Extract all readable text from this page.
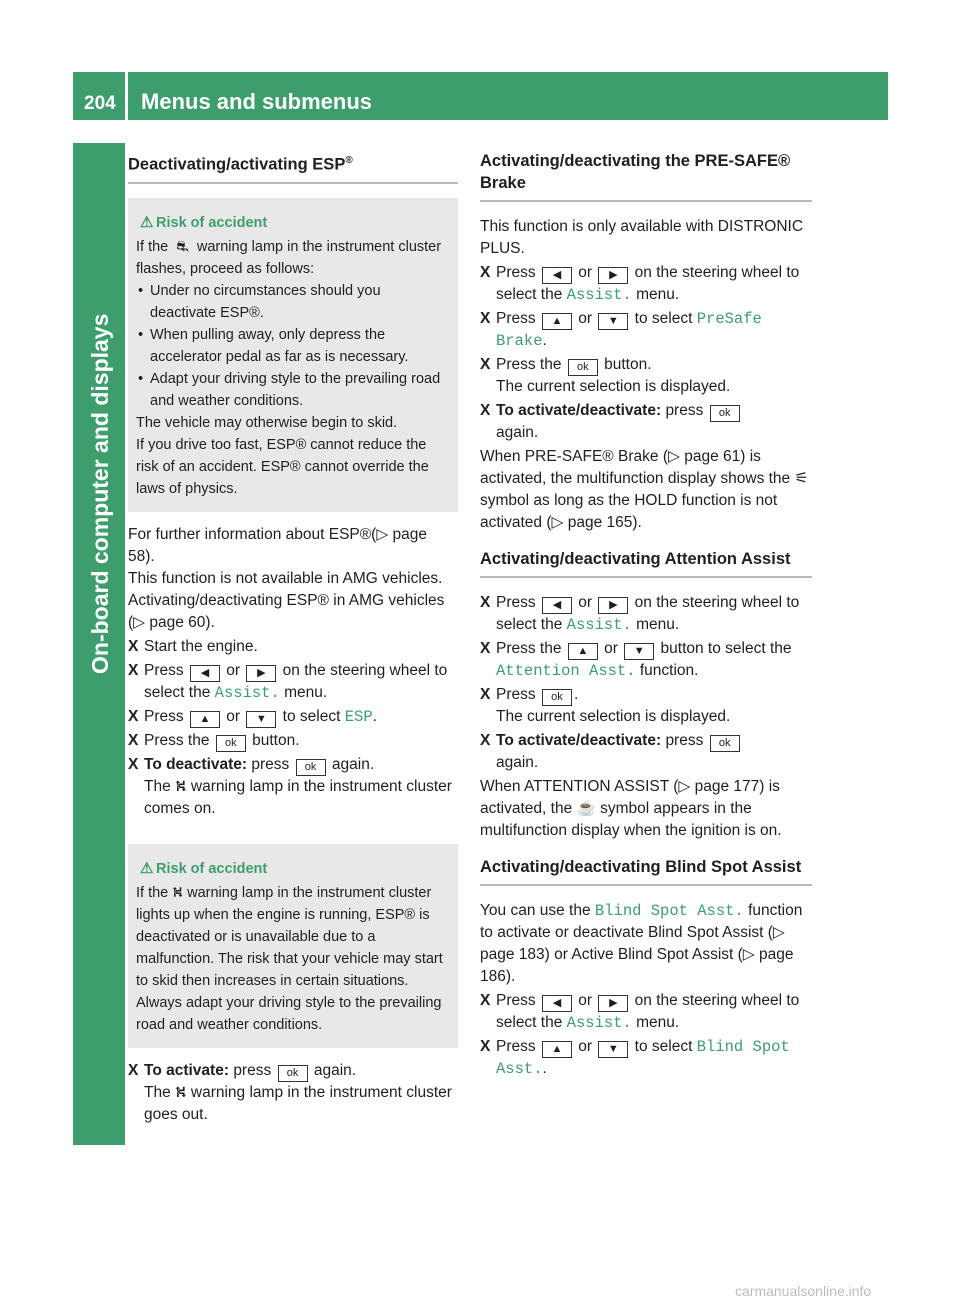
204 Menus and submenus
On-board computer and displays
Deactivating/activating ESP®
⚠ Risk of accident

If the  ⛐  warning lamp in the instrument cluster flashes, proceed as follows:

• Under no circumstances should you deactivate ESP®.

• When pulling away, only depress the accelerator pedal as far as is necessary.

• Adapt your driving style to the prevailing road and weather conditions.

The vehicle may otherwise begin to skid.

If you drive too fast, ESP® cannot reduce the risk of an accident. ESP® cannot override the laws of physics.

For further information about ESP®(▷ page 58).

This function is not available in AMG vehicles.

Activating/deactivating ESP® in AMG vehicles (▷ page 60).

X Start the engine.
X Press ◀ or ▶ on the steering wheel to select the Assist. menu.
X Press ▲ or ▼ to select ESP.
X Press the ok button.
X To deactivate: press ok again.
The ⛕ warning lamp in the instrument cluster comes on.
⚠ Risk of accident

If the ⛕ warning lamp in the instrument cluster lights up when the engine is running, ESP® is deactivated or is unavailable due to a malfunction. The risk that your vehicle may start to skid then increases in certain situations.

Always adapt your driving style to the prevailing road and weather conditions.

X To activate: press ok again.
The ⛕ warning lamp in the instrument cluster goes out.
Activating/deactivating the PRE-SAFE® Brake

This function is only available with DISTRONIC PLUS.

X Press ◀ or ▶ on the steering wheel to select the Assist. menu.
X Press ▲ or ▼ to select PreSafe Brake.
X Press the ok button.
The current selection is displayed.
X To activate/deactivate: press ok
again.

When PRE-SAFE® Brake (▷ page 61) is activated, the multifunction display shows the ⚟ symbol as long as the HOLD function is not activated (▷ page 165).

Activating/deactivating Attention Assist
X Press ◀ or ▶ on the steering wheel to select the Assist. menu.
X Press the ▲ or ▼ button to select the Attention Asst. function.
X Press ok .
The current selection is displayed.
X To activate/deactivate: press ok
again.

When ATTENTION ASSIST (▷ page 177) is activated, the ☕ symbol appears in the multifunction display when the ignition is on.

Activating/deactivating Blind Spot Assist

You can use the Blind Spot Asst. function to activate or deactivate Blind Spot Assist (▷ page 183) or Active Blind Spot Assist (▷ page 186).

X Press ◀ or ▶ on the steering wheel to select the Assist. menu.
X Press ▲ or ▼ to select Blind Spot Asst..
carmanualsonline.info
